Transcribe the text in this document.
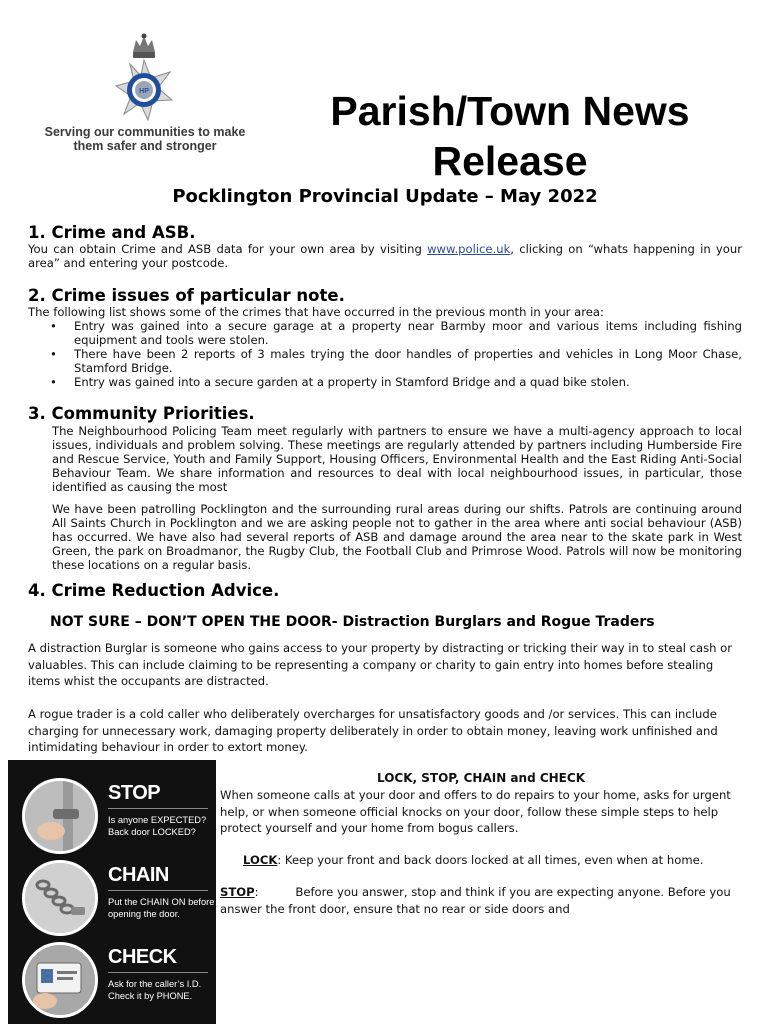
HP
Serving our communities to make them safer and stronger
Parish/Town News Release
Pocklington Provincial Update – May 2022
1. Crime and ASB.

You can obtain Crime and ASB data for your own area by visiting www.police.uk, clicking on “whats happening in your area” and entering your postcode.

2. Crime issues of particular note.

The following list shows some of the crimes that have occurred in the previous month in your area:

• Entry was gained into a secure garage at a property near Barmby moor and various items including fishing equipment and tools were stolen.
• There have been 2 reports of 3 males trying the door handles of properties and vehicles in Long Moor Chase, Stamford Bridge.
• Entry was gained into a secure garden at a property in Stamford Bridge and a quad bike stolen.
3. Community Priorities.

The Neighbourhood Policing Team meet regularly with partners to ensure we have a multi-agency approach to local issues, individuals and problem solving. These meetings are regularly attended by partners including Humberside Fire and Rescue Service, Youth and Family Support, Housing Officers, Environmental Health and the East Riding Anti-Social Behaviour Team. We share information and resources to deal with local neighbourhood issues, in particular, those identified as causing the most

We have been patrolling Pocklington and the surrounding rural areas during our shifts. Patrols are continuing around All Saints Church in Pocklington and we are asking people not to gather in the area where anti social behaviour (ASB) has occurred. We have also had several reports of ASB and damage around the area near to the skate park in West Green, the park on Broadmanor, the Rugby Club, the Football Club and Primrose Wood. Patrols will now be monitoring these locations on a regular basis.

4. Crime Reduction Advice.
NOT SURE – DON’T OPEN THE DOOR- Distraction Burglars and Rogue Traders

A distraction Burglar is someone who gains access to your property by distracting or tricking their way in to steal cash or valuables. This can include claiming to be representing a company or charity to gain entry into homes before stealing items whist the occupants are distracted.

A rogue trader is a cold caller who deliberately overcharges for unsatisfactory goods and /or services. This can include charging for unnecessary work, damaging property deliberately in order to obtain money, leaving work unfinished and intimidating behaviour in order to extort money.

STOP
Is anyone EXPECTED? Back door LOCKED?
CHAIN
Put the CHAIN ON before opening the door.
CHECK
Ask for the caller’s I.D. Check it by PHONE.
LOCK, STOP, CHAIN and CHECK

When someone calls at your door and offers to do repairs to your home, asks for urgent help, or when someone official knocks on your door, follow these simple steps to help protect yourself and your home from bogus callers.

LOCK: Keep your front and back doors locked at all times, even when at home.

STOP:          Before you answer, stop and think if you are expecting anyone. Before you answer the front door, ensure that no rear or side doors and
